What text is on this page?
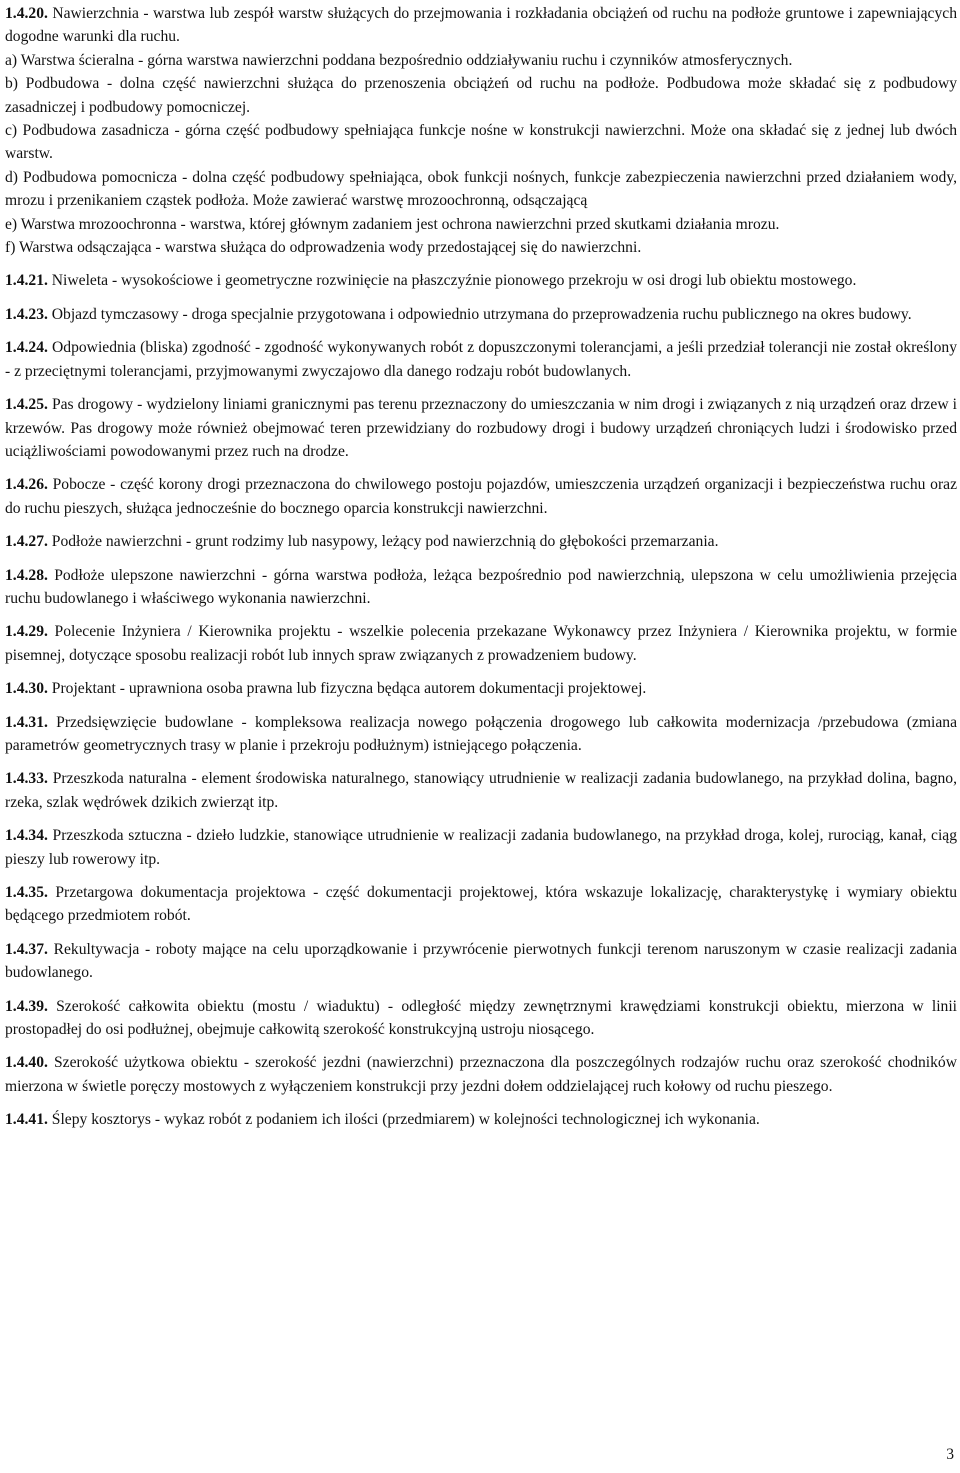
1.4.20. Nawierzchnia - warstwa lub zespół warstw służących do przejmowania i rozkładania obciążeń od ruchu na podłoże gruntowe i zapewniających dogodne warunki dla ruchu.

a) Warstwa ścieralna - górna warstwa nawierzchni poddana bezpośrednio oddziaływaniu ruchu i czynników atmosferycznych.

b) Podbudowa - dolna część nawierzchni służąca do przenoszenia obciążeń od ruchu na podłoże. Podbudowa może składać się z podbudowy zasadniczej i podbudowy pomocniczej.

c) Podbudowa zasadnicza - górna część podbudowy spełniająca funkcje nośne w konstrukcji nawierzchni. Może ona składać się z jednej lub dwóch warstw.

d) Podbudowa pomocnicza - dolna część podbudowy spełniająca, obok funkcji nośnych, funkcje zabezpieczenia nawierzchni przed działaniem wody, mrozu i przenikaniem cząstek podłoża. Może zawierać warstwę mrozoochronną, odsączającą

e) Warstwa mrozoochronna - warstwa, której głównym zadaniem jest ochrona nawierzchni przed skutkami działania mrozu.

f) Warstwa odsączająca - warstwa służąca do odprowadzenia wody przedostającej się do nawierzchni.

1.4.21. Niweleta - wysokościowe i geometryczne rozwinięcie na płaszczyźnie pionowego przekroju w osi drogi lub obiektu mostowego.

1.4.23. Objazd tymczasowy - droga specjalnie przygotowana i odpowiednio utrzymana do przeprowadzenia ruchu publicznego na okres budowy.

1.4.24. Odpowiednia (bliska) zgodność - zgodność wykonywanych robót z dopuszczonymi tolerancjami, a jeśli przedział tolerancji nie został określony - z przeciętnymi tolerancjami, przyjmowanymi zwyczajowo dla danego rodzaju robót budowlanych.

1.4.25. Pas drogowy - wydzielony liniami granicznymi pas terenu przeznaczony do umieszczania w nim drogi i związanych z nią urządzeń oraz drzew i krzewów. Pas drogowy może również obejmować teren przewidziany do rozbudowy drogi i budowy urządzeń chroniących ludzi i środowisko przed uciążliwościami powodowanymi przez ruch na drodze.

1.4.26. Pobocze - część korony drogi przeznaczona do chwilowego postoju pojazdów, umieszczenia urządzeń organizacji i bezpieczeństwa ruchu oraz do ruchu pieszych, służąca jednocześnie do bocznego oparcia konstrukcji nawierzchni.

1.4.27. Podłoże nawierzchni - grunt rodzimy lub nasypowy, leżący pod nawierzchnią do głębokości przemarzania.

1.4.28. Podłoże ulepszone nawierzchni - górna warstwa podłoża, leżąca bezpośrednio pod nawierzchnią, ulepszona w celu umożliwienia przejęcia ruchu budowlanego i właściwego wykonania nawierzchni.

1.4.29. Polecenie Inżyniera / Kierownika projektu - wszelkie polecenia przekazane Wykonawcy przez Inżyniera / Kierownika projektu, w formie pisemnej, dotyczące sposobu realizacji robót lub innych spraw związanych z prowadzeniem budowy.

1.4.30. Projektant - uprawniona osoba prawna lub fizyczna będąca autorem dokumentacji projektowej.

1.4.31. Przedsięwzięcie budowlane - kompleksowa realizacja nowego połączenia drogowego lub całkowita modernizacja /przebudowa (zmiana parametrów geometrycznych trasy w planie i przekroju podłużnym) istniejącego połączenia.

1.4.33. Przeszkoda naturalna - element środowiska naturalnego, stanowiący utrudnienie w realizacji zadania budowlanego, na przykład dolina, bagno, rzeka, szlak wędrówek dzikich zwierząt itp.

1.4.34. Przeszkoda sztuczna - dzieło ludzkie, stanowiące utrudnienie w realizacji zadania budowlanego, na przykład droga, kolej, rurociąg, kanał, ciąg pieszy lub rowerowy itp.

1.4.35. Przetargowa dokumentacja projektowa - część dokumentacji projektowej, która wskazuje lokalizację, charakterystykę i wymiary obiektu będącego przedmiotem robót.

1.4.37. Rekultywacja - roboty mające na celu uporządkowanie i przywrócenie pierwotnych funkcji terenom naruszonym w czasie realizacji zadania budowlanego.

1.4.39. Szerokość całkowita obiektu (mostu / wiaduktu) - odległość między zewnętrznymi krawędziami konstrukcji obiektu, mierzona w linii prostopadłej do osi podłużnej, obejmuje całkowitą szerokość konstrukcyjną ustroju niosącego.

1.4.40. Szerokość użytkowa obiektu - szerokość jezdni (nawierzchni) przeznaczona dla poszczególnych rodzajów ruchu oraz szerokość chodników mierzona w świetle poręczy mostowych z wyłączeniem konstrukcji przy jezdni dołem oddzielającej ruch kołowy od ruchu pieszego.

1.4.41. Ślepy kosztorys - wykaz robót z podaniem ich ilości (przedmiarem) w kolejności technologicznej ich wykonania.

3
